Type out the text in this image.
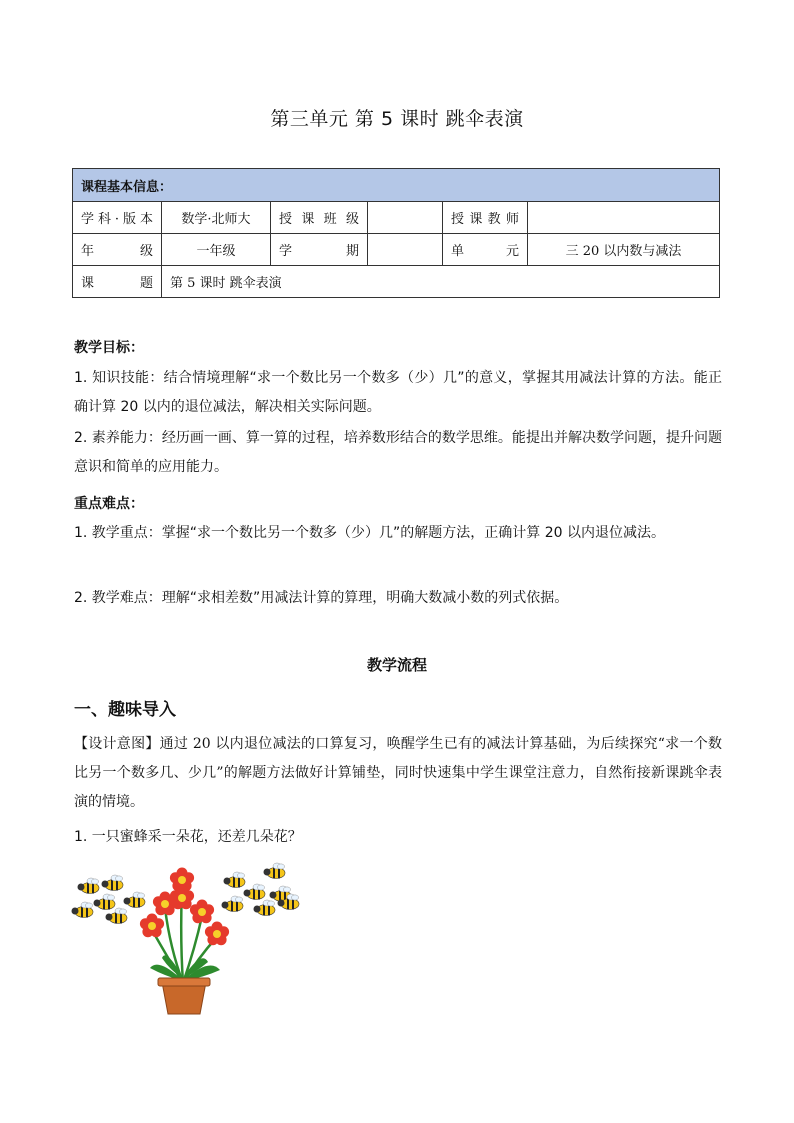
第三单元 第 5 课时 跳伞表演
课程基本信息：					
学科·版本	数学·北师大	授课班级		授课教师	
年　级	一年级	学　期		单　元	三 20 以内数与减法
课　题	第 5 课时 跳伞表演				
教学目标：
1. 知识技能：结合情境理解“求一个数比另一个数多（少）几”的意义，掌握其用减法计算的方法。能正确计算 20 以内的退位减法，解决相关实际问题。
2. 素养能力：经历画一画、算一算的过程，培养数形结合的数学思维。能提出并解决数学问题，提升问题意识和简单的应用能力。
重点难点：
1. 教学重点：掌握“求一个数比另一个数多（少）几”的解题方法，正确计算 20 以内退位减法。
2. 教学难点：理解“求相差数”用减法计算的算理，明确大数减小数的列式依据。
教学流程
一、趣味导入
【设计意图】通过 20 以内退位减法的口算复习，唤醒学生已有的减法计算基础，为后续探究“求一个数比另一个数多几、少几”的解题方法做好计算铺垫，同时快速集中学生课堂注意力，自然衔接新课跳伞表演的情境。
1. 一只蜜蜂采一朵花，还差几朵花？
